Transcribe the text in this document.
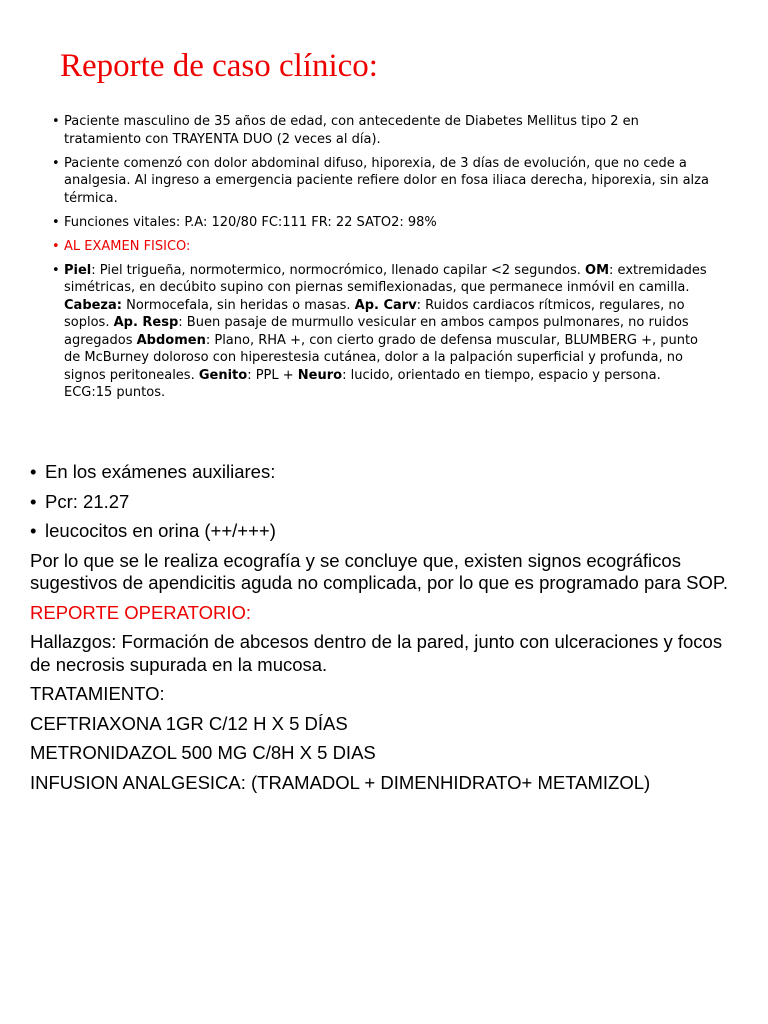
Reporte de caso clínico:
• Paciente masculino de 35 años de edad, con antecedente de Diabetes Mellitus tipo 2 en tratamiento con TRAYENTA DUO (2 veces al día).
• Paciente comenzó con dolor abdominal difuso, hiporexia, de 3 días de evolución, que no cede a analgesia. Al ingreso a emergencia paciente refiere dolor en fosa iliaca derecha, hiporexia, sin alza térmica.
• Funciones vitales: P.A: 120/80 FC:111 FR: 22 SATO2: 98%
• AL EXAMEN FISICO:
• Piel: Piel trigueña, normotermico, normocrómico, llenado capilar <2 segundos. OM: extremidades simétricas, en decúbito supino con piernas semiflexionadas, que permanece inmóvil en camilla. Cabeza: Normocefala, sin heridas o masas. Ap. Carv: Ruidos cardiacos rítmicos, regulares, no soplos. Ap. Resp: Buen pasaje de murmullo vesicular en ambos campos pulmonares, no ruidos agregados Abdomen: Plano, RHA +, con cierto grado de defensa muscular, BLUMBERG +, punto de McBurney doloroso con hiperestesia cutánea, dolor a la palpación superficial y profunda, no signos peritoneales. Genito: PPL + Neuro: lucido, orientado en tiempo, espacio y persona. ECG:15 puntos.
• En los exámenes auxiliares:
• Pcr: 21.27
• leucocitos en orina (++/+++)
Por lo que se le realiza ecografía y se concluye que, existen signos ecográficos sugestivos de apendicitis aguda no complicada, por lo que es programado para SOP.
REPORTE OPERATORIO:
Hallazgos: Formación de abcesos dentro de la pared, junto con ulceraciones y focos de necrosis supurada en la mucosa.
TRATAMIENTO:
CEFTRIAXONA 1GR C/12 H X 5 DÍAS
METRONIDAZOL 500 MG C/8H X 5 DIAS
INFUSION ANALGESICA: (TRAMADOL + DIMENHIDRATO+ METAMIZOL)
